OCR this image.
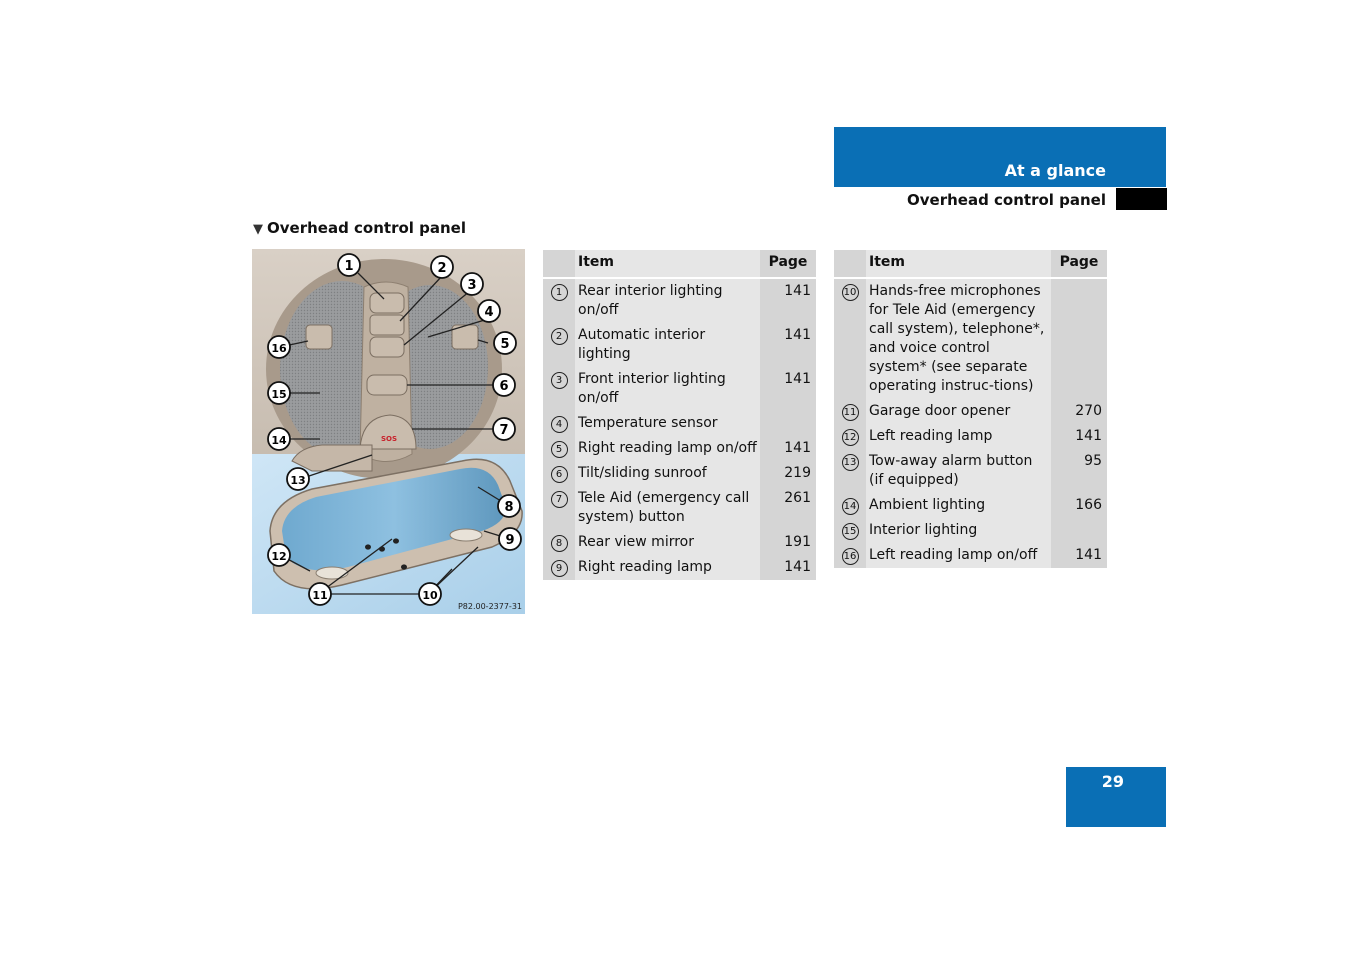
At a glance
Overhead control panel
▼ Overhead control panel
SOS
1	2
3
4
5
6
7
8
9
10
11
12
13
14
15
16
P82.00-2377-31
	Item	Page
1	Rear interior lighting on/off	141
2	Automatic interior lighting	141
3	Front interior lighting on/off	141
4	Temperature sensor	
5	Right reading lamp on/off	141
6	Tilt/sliding sunroof	219
7	Tele Aid (emergency call system) button	261
8	Rear view mirror	191
9	Right reading lamp	141
	Item	Page
10	Hands-free microphones for Tele Aid (emergency call system), telephone*, and voice control system* (see separate operating instruc-tions)	
11	Garage door opener	270
12	Left reading lamp	141
13	Tow-away alarm button (if equipped)	95
14	Ambient lighting	166
15	Interior lighting	
16	Left reading lamp on/off	141
29
